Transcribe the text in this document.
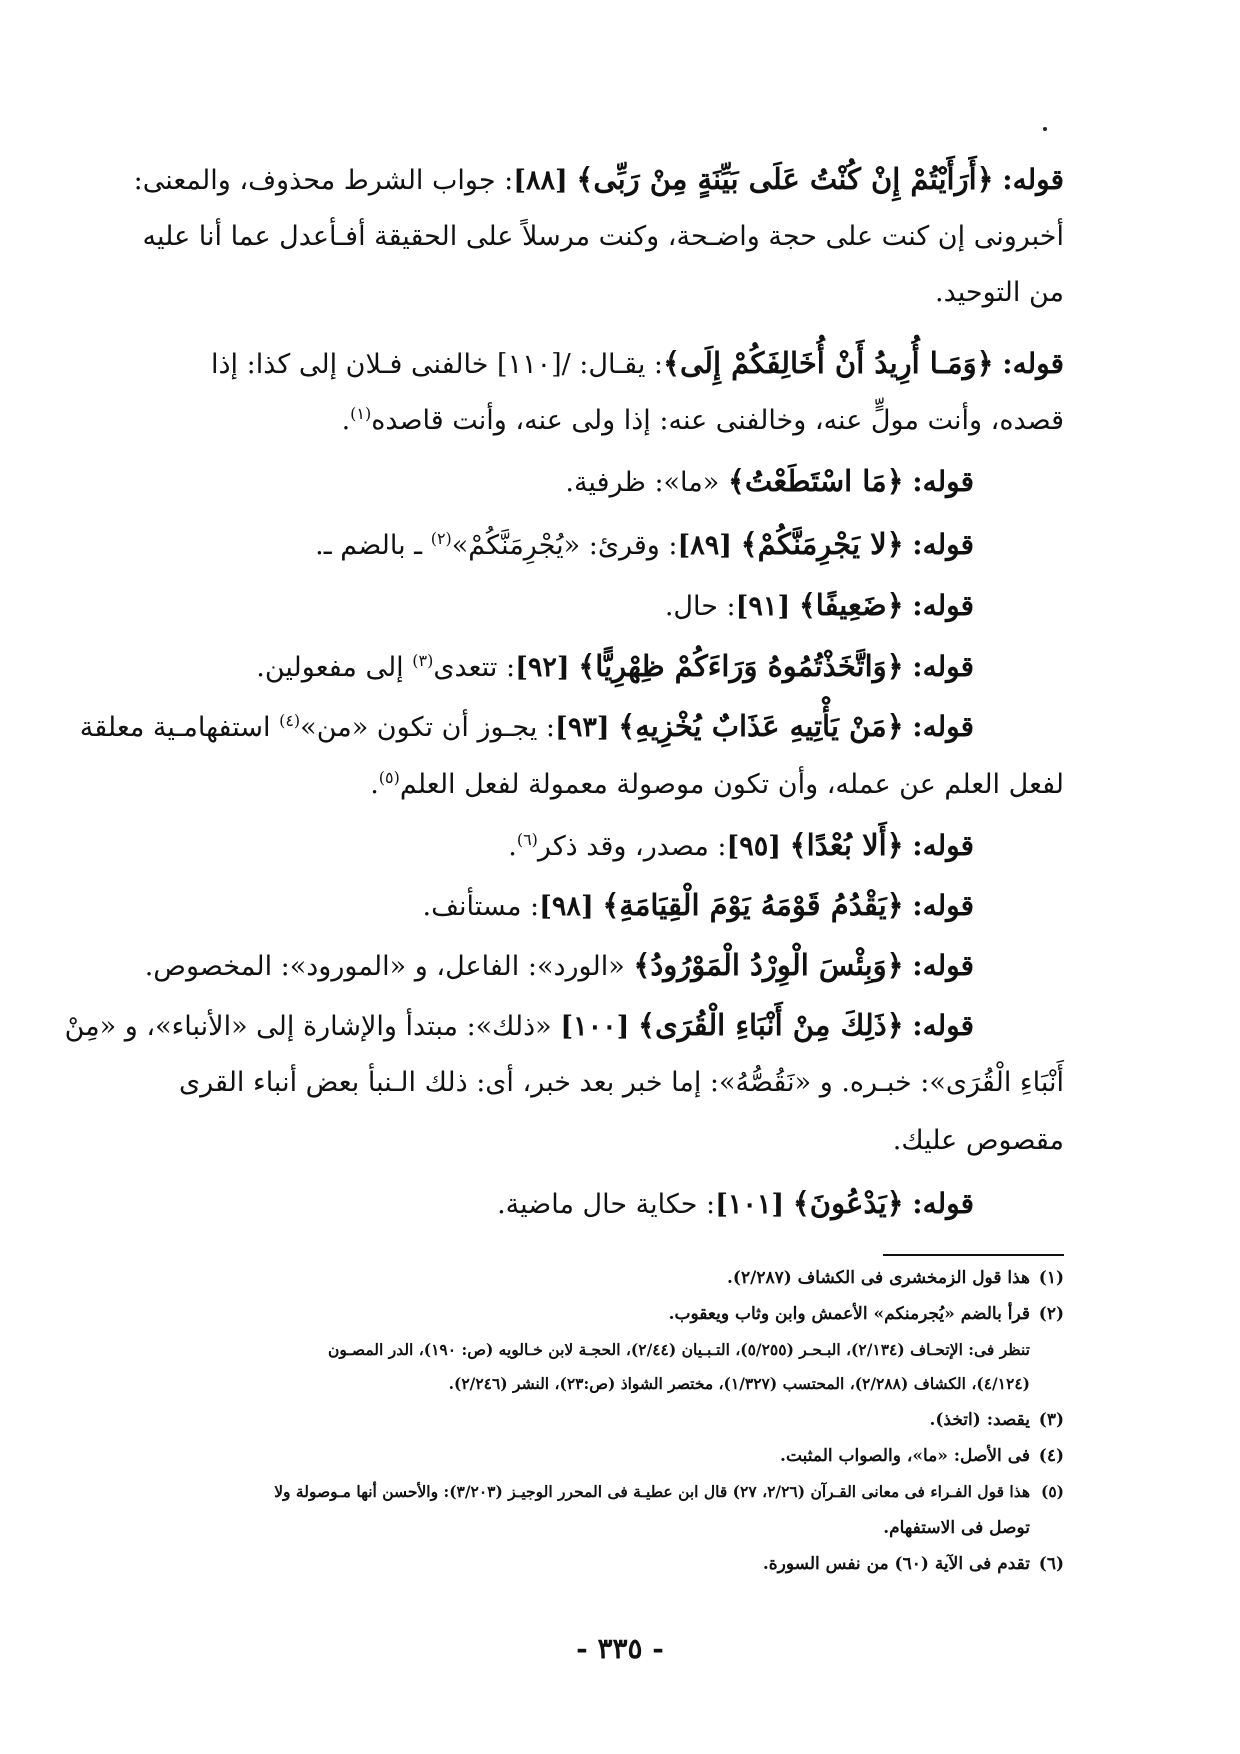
قوله: ﴿أَرَأَيْتُمْ إِنْ كُنْتُ عَلَى بَيِّنَةٍ مِنْ رَبِّى﴾ [٨٨]: جواب الشرط محذوف، والمعنى:
أخبرونى إن كنت على حجة واضـحة، وكنت مرسلاً على الحقيقة أفـأعدل عما أنا عليه
من التوحيد.
قوله: ﴿وَمَـا أُرِيدُ أَنْ أُخَالِفَكُمْ إِلَى﴾: يقـال: /[١١٠] خالفنى فـلان إلى كذا: إذا
قصده، وأنت مولٍّ عنه، وخالفنى عنه: إذا ولى عنه، وأنت قاصده$^{(١)}$.
قوله: ﴿مَا اسْتَطَعْتُ﴾ «ما»: ظرفية.
قوله: ﴿لا يَجْرِمَنَّكُمْ﴾ [٨٩]: وقرئ: «يُجْرِمَنَّكُمْ»$^{(٢)}$ ـ بالضم ـ.
قوله: ﴿ضَعِيفًا﴾ [٩١]: حال.
قوله: ﴿وَاتَّخَذْتُمُوهُ وَرَاءَكُمْ ظِهْرِيًّا﴾ [٩٢]: تتعدى$^{(٣)}$ إلى مفعولين.
قوله: ﴿مَنْ يَأْتِيهِ عَذَابٌ يُخْزِيهِ﴾ [٩٣]: يجـوز أن تكون «من»$^{(٤)}$ استفهامـية معلقة
لفعل العلم عن عمله، وأن تكون موصولة معمولة لفعل العلم$^{(٥)}$.
قوله: ﴿أَلا بُعْدًا﴾ [٩٥]: مصدر، وقد ذكر$^{(٦)}$.
قوله: ﴿يَقْدُمُ قَوْمَهُ يَوْمَ الْقِيَامَةِ﴾ [٩٨]: مستأنف.
قوله: ﴿وَبِئْسَ الْوِرْدُ الْمَوْرُودُ﴾ «الورد»: الفاعل، و «المورود»: المخصوص.
قوله: ﴿ذَلِكَ مِنْ أَنْبَاءِ الْقُرَى﴾ [١٠٠] «ذلك»: مبتدأ والإشارة إلى «الأنباء»، و «مِنْ
أَنْبَاءِ الْقُرَى»: خبـره. و «نَقُصُّهُ»: إما خبر بعد خبر، أى: ذلك الـنبأ بعض أنباء القرى
مقصوص عليك.
قوله: ﴿يَدْعُونَ﴾ [١٠١]: حكاية حال ماضية.
(١)هذا قول الزمخشرى فى الكشاف (٢/٢٨٧).
(٢)قرأ بالضم «يُجرمنكم» الأعمش وابن وثاب ويعقوب.
تنظر فى: الإتحـاف (٢/١٣٤)، البـحـر (٥/٢٥٥)، التـبـيان (٢/٤٤)، الحجـة لابن خـالويه (ص: ١٩٠)، الدر المصـون
(٤/١٢٤)، الكشاف (٢/٢٨٨)، المحتسب (١/٣٢٧)، مختصر الشواذ (ص:٢٣)، النشر (٢/٢٤٦).
(٣)يقصد: (اتخذ).
(٤)فى الأصل: «ما»، والصواب المثبت.
(٥)هذا قول الفـراء فى معانى القـرآن (٢/٢٦، ٢٧) قال ابن عطيـة فى المحرر الوجيـز (٣/٢٠٣): والأحسن أنها مـوصولة ولا
توصل فى الاستفهام.
(٦)تقدم فى الآية (٦٠) من نفس السورة.
- ٣٣٥ -
